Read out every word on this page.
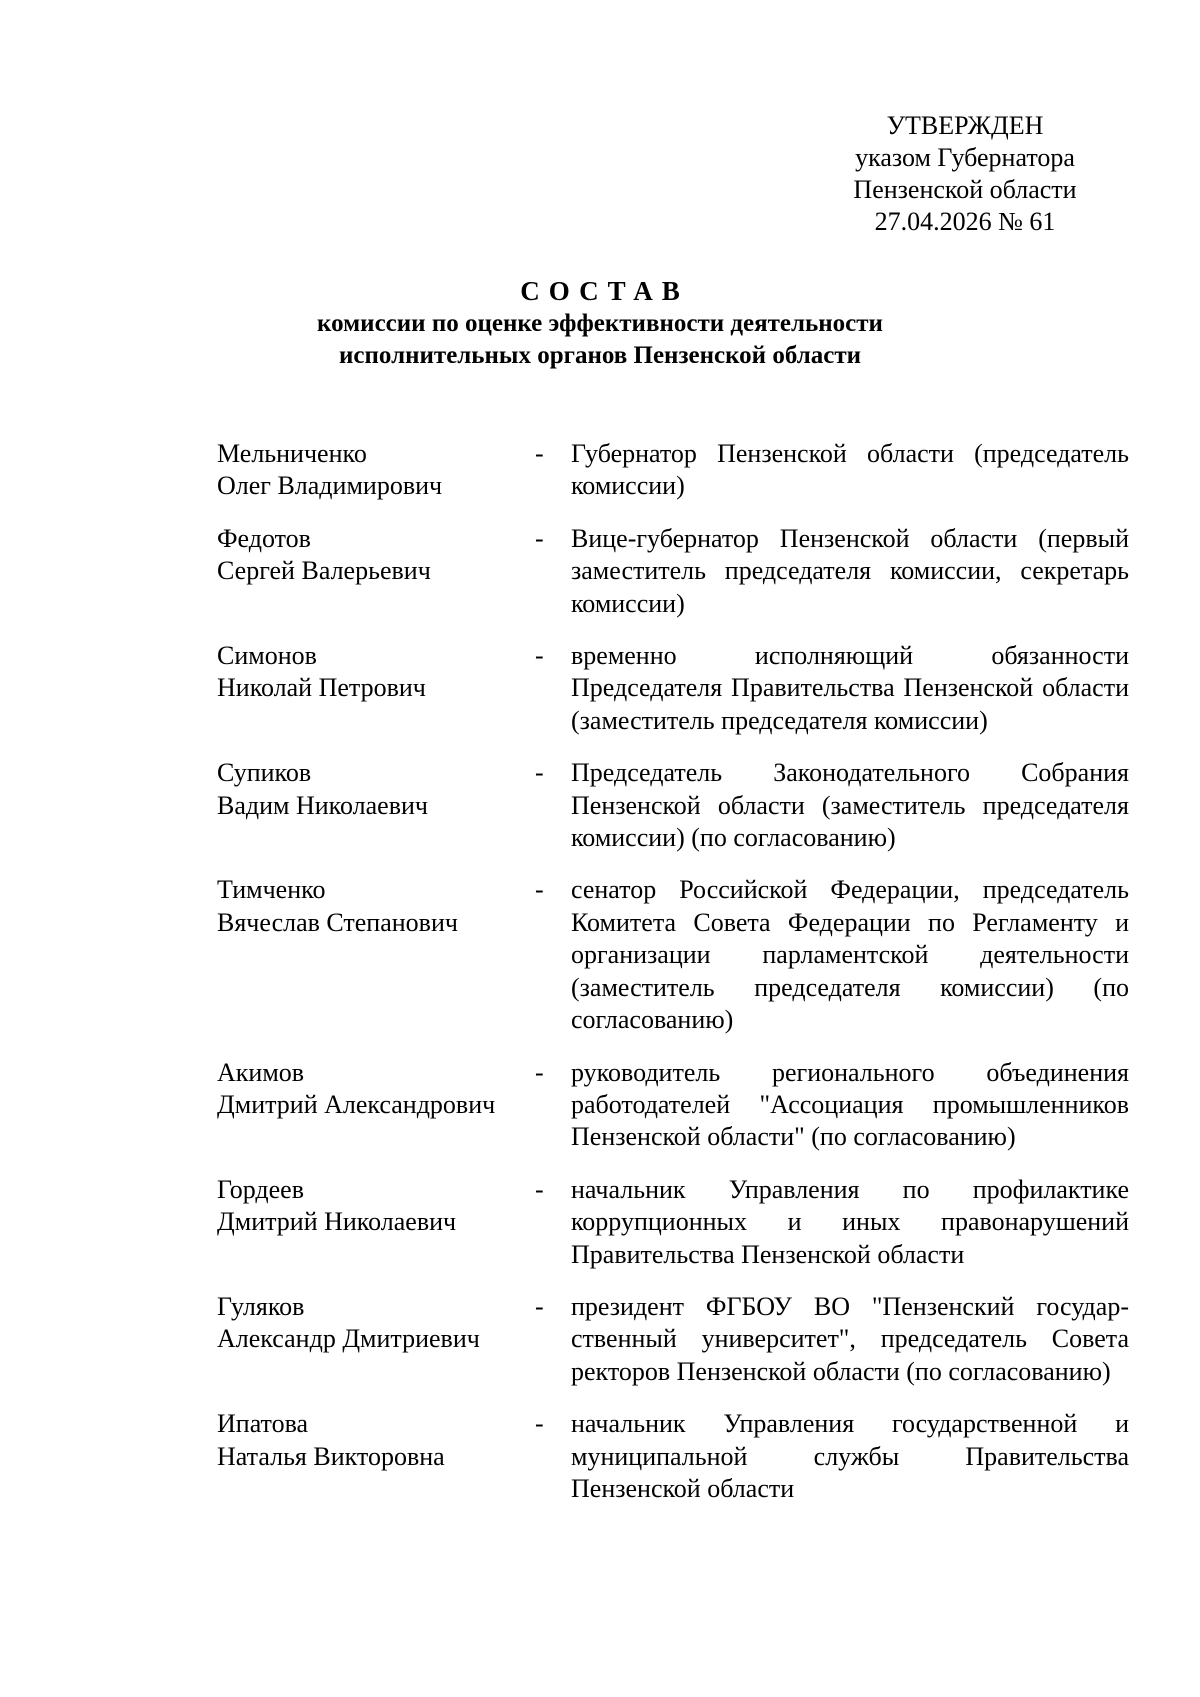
УТВЕРЖДЕН
указом Губернатора
Пензенской области
27.04.2026 № 61
СОСТАВ
комиссии по оценке эффективности деятельности
исполнительных органов Пензенской области
Мельниченко
Олег Владимирович
-	Губернатор Пензенской области (председатель комиссии)
Федотов
Сергей Валерьевич
-	Вице-губернатор Пензенской области (первый заместитель председателя комиссии, секретарь комиссии)
Симонов
Николай Петрович
-	временно исполняющий обязанности Председателя Правительства Пензенской области (заместитель председателя комиссии)
Супиков
Вадим Николаевич
-	Председатель Законодательного Собрания Пензенской области (заместитель председателя комиссии) (по согласованию)
Тимченко
Вячеслав Степанович
-	сенатор Российской Федерации, председатель Комитета Совета Федерации по Регламенту и организации парламентской деятельности (заместитель председателя комиссии) (по согласованию)
Акимов
Дмитрий Александрович
-	руководитель регионального объединения работодателей "Ассоциация промышленников Пензенской области" (по согласованию)
Гордеев
Дмитрий Николаевич
-	начальник Управления по профилактике коррупционных и иных правонарушений Правительства Пензенской области
Гуляков
Александр Дмитриевич
-	президент ФГБОУ ВО "Пензенский государственный университет", председатель Совета ректоров Пензенской области (по согласованию)
Ипатова
Наталья Викторовна
-	начальник Управления государственной и муниципальной службы Правительства Пензенской области
